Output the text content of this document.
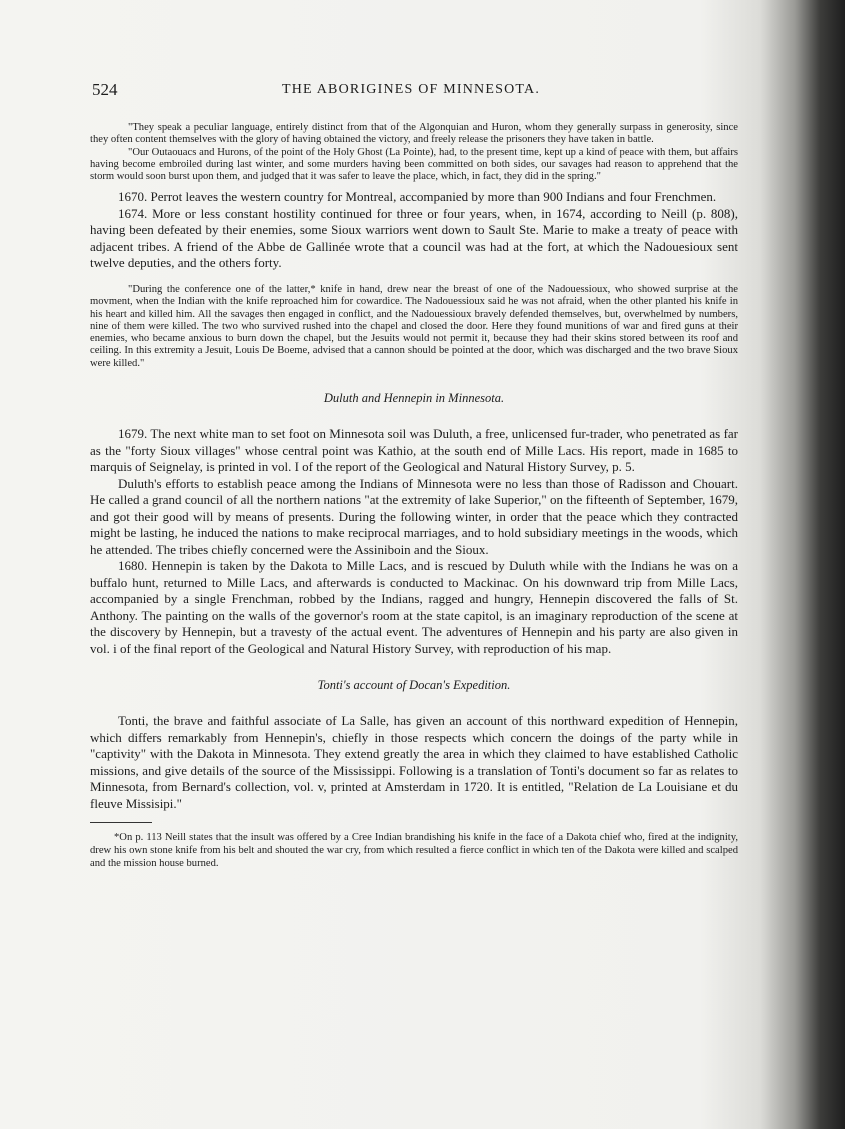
524	THE ABORIGINES OF MINNESOTA.

"They speak a peculiar language, entirely distinct from that of the Algonquian and Huron, whom they generally surpass in generosity, since they often content themselves with the glory of having obtained the victory, and freely release the prisoners they have taken in battle.

"Our Outaouacs and Hurons, of the point of the Holy Ghost (La Pointe), had, to the present time, kept up a kind of peace with them, but affairs having become embroiled during last winter, and some murders having been committed on both sides, our savages had reason to apprehend that the storm would soon burst upon them, and judged that it was safer to leave the place, which, in fact, they did in the spring."

1670. Perrot leaves the western country for Montreal, accompanied by more than 900 Indians and four Frenchmen.

1674. More or less constant hostility continued for three or four years, when, in 1674, according to Neill (p. 808), having been defeated by their enemies, some Sioux warriors went down to Sault Ste. Marie to make a treaty of peace with adjacent tribes. A friend of the Abbe de Gallinée wrote that a council was had at the fort, at which the Nadouesioux sent twelve deputies, and the others forty.

"During the conference one of the latter,* knife in hand, drew near the breast of one of the Nadouessioux, who showed surprise at the movment, when the Indian with the knife reproached him for cowardice. The Nadouessioux said he was not afraid, when the other planted his knife in his heart and killed him. All the savages then engaged in conflict, and the Nadouessioux bravely defended themselves, but, overwhelmed by numbers, nine of them were killed. The two who survived rushed into the chapel and closed the door. Here they found munitions of war and fired guns at their enemies, who became anxious to burn down the chapel, but the Jesuits would not permit it, because they had their skins stored between its roof and ceiling. In this extremity a Jesuit, Louis De Boeme, advised that a cannon should be pointed at the door, which was discharged and the two brave Sioux were killed."

Duluth and Hennepin in Minnesota.

1679. The next white man to set foot on Minnesota soil was Duluth, a free, unlicensed fur-trader, who penetrated as far as the "forty Sioux villages" whose central point was Kathio, at the south end of Mille Lacs. His report, made in 1685 to marquis of Seignelay, is printed in vol. I of the report of the Geological and Natural History Survey, p. 5.

Duluth's efforts to establish peace among the Indians of Minnesota were no less than those of Radisson and Chouart. He called a grand council of all the northern nations "at the extremity of lake Superior," on the fifteenth of September, 1679, and got their good will by means of presents. During the following winter, in order that the peace which they contracted might be lasting, he induced the nations to make reciprocal marriages, and to hold subsidiary meetings in the woods, which he attended. The tribes chiefly concerned were the Assiniboin and the Sioux.

1680. Hennepin is taken by the Dakota to Mille Lacs, and is rescued by Duluth while with the Indians he was on a buffalo hunt, returned to Mille Lacs, and afterwards is conducted to Mackinac. On his downward trip from Mille Lacs, accompanied by a single Frenchman, robbed by the Indians, ragged and hungry, Hennepin discovered the falls of St. Anthony. The painting on the walls of the governor's room at the state capitol, is an imaginary reproduction of the scene at the discovery by Hennepin, but a travesty of the actual event. The adventures of Hennepin and his party are also given in vol. i of the final report of the Geological and Natural History Survey, with reproduction of his map.

Tonti's account of Docan's Expedition.

Tonti, the brave and faithful associate of La Salle, has given an account of this northward expedition of Hennepin, which differs remarkably from Hennepin's, chiefly in those respects which concern the doings of the party while in "captivity" with the Dakota in Minnesota. They extend greatly the area in which they claimed to have established Catholic missions, and give details of the source of the Mississippi. Following is a translation of Tonti's document so far as relates to Minnesota, from Bernard's collection, vol. v, printed at Amsterdam in 1720. It is entitled, "Relation de La Louisiane et du fleuve Missisipi."

*On p. 113 Neill states that the insult was offered by a Cree Indian brandishing his knife in the face of a Dakota chief who, fired at the indignity, drew his own stone knife from his belt and shouted the war cry, from which resulted a fierce conflict in which ten of the Dakota were killed and scalped and the mission house burned.
